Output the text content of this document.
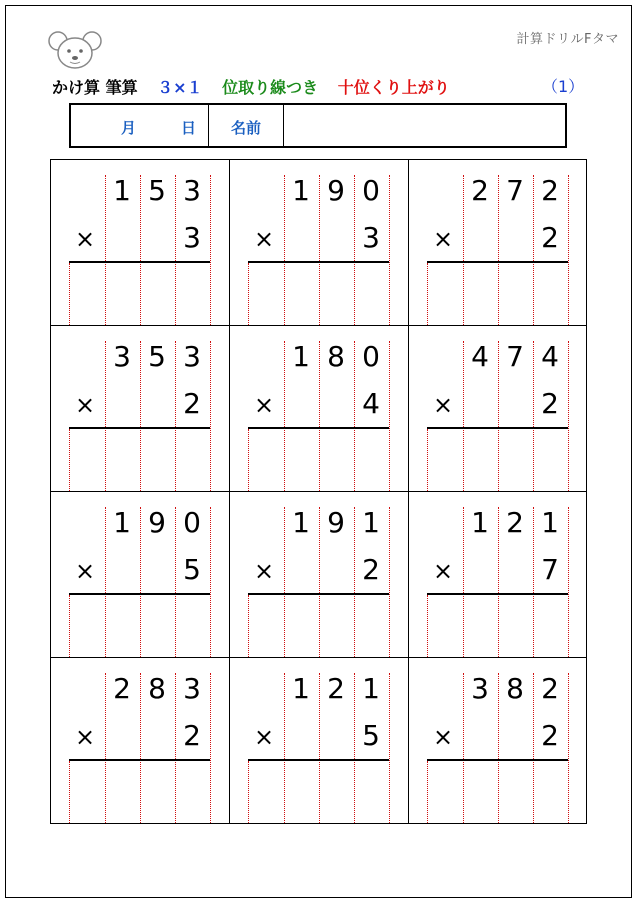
計算ドリルFタマ
かけ算 筆算 ３×１ 位取り線つき 十位くり上がり	（1）
月	日 名前
1 5 3
×	3
1 9 0
×	3
2 7 2
×	2
3 5 3
×	2
1 8 0
×	4
4 7 4
×	2
1 9 0
×	5
1 9 1
×	2
1 2 1
×	7
2 8 3
×	2
1 2 1
×	5
3 8 2
×	2
